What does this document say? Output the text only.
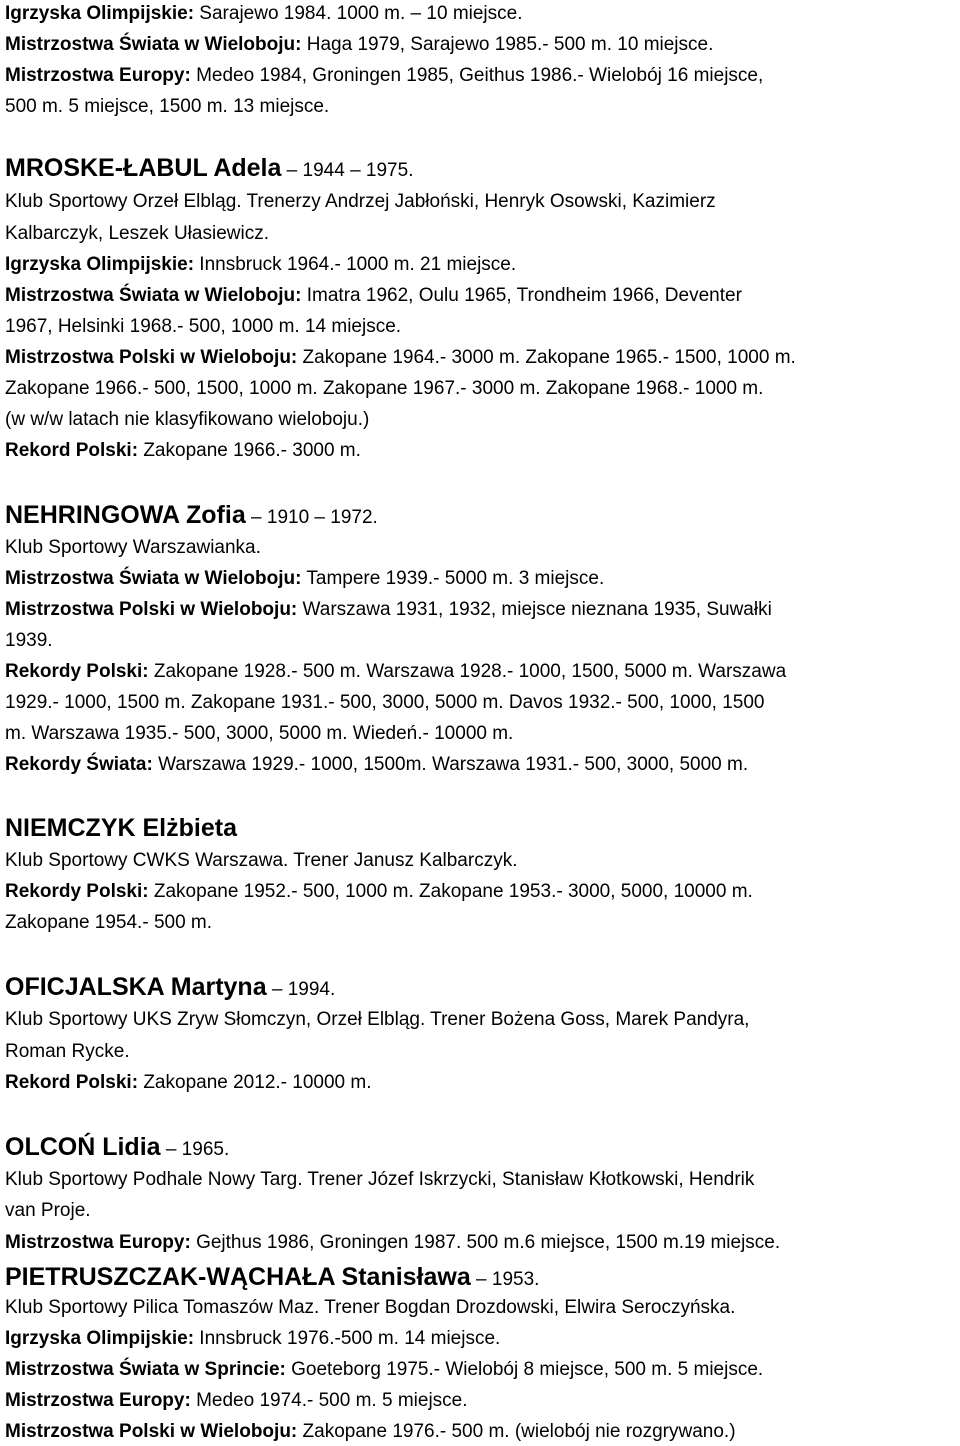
Igrzyska Olimpijskie: Sarajewo 1984. 1000 m. – 10 miejsce.
Mistrzostwa Świata w Wieloboju: Haga 1979, Sarajewo 1985.- 500 m. 10 miejsce.
Mistrzostwa Europy: Medeo 1984, Groningen 1985, Geithus 1986.- Wielobój 16 miejsce,
500 m. 5 miejsce, 1500 m. 13 miejsce.
MROSKE-ŁABUL Adela – 1944 – 1975.
Klub Sportowy Orzeł Elbląg. Trenerzy Andrzej Jabłoński, Henryk Osowski, Kazimierz
Kalbarczyk, Leszek Ułasiewicz.
Igrzyska Olimpijskie: Innsbruck 1964.- 1000 m. 21 miejsce.
Mistrzostwa Świata w Wieloboju: Imatra 1962, Oulu 1965, Trondheim 1966, Deventer
1967, Helsinki 1968.- 500, 1000 m. 14 miejsce.
Mistrzostwa Polski w Wieloboju: Zakopane 1964.- 3000 m. Zakopane 1965.- 1500, 1000 m.
Zakopane 1966.- 500, 1500, 1000 m. Zakopane 1967.- 3000 m. Zakopane 1968.- 1000 m.
(w w/w latach nie klasyfikowano wieloboju.)
Rekord Polski: Zakopane 1966.- 3000 m.
NEHRINGOWA Zofia – 1910 – 1972.
Klub Sportowy Warszawianka.
Mistrzostwa Świata w Wieloboju: Tampere 1939.- 5000 m. 3 miejsce.
Mistrzostwa Polski w Wieloboju: Warszawa 1931, 1932, miejsce nieznana 1935, Suwałki
1939.
Rekordy Polski: Zakopane 1928.- 500 m. Warszawa 1928.- 1000, 1500, 5000 m. Warszawa
1929.- 1000, 1500 m. Zakopane 1931.- 500, 3000, 5000 m. Davos 1932.- 500, 1000, 1500
m. Warszawa 1935.- 500, 3000, 5000 m. Wiedeń.- 10000 m.
Rekordy Świata: Warszawa 1929.- 1000, 1500m. Warszawa 1931.- 500, 3000, 5000 m.
NIEMCZYK Elżbieta
Klub Sportowy CWKS Warszawa. Trener Janusz Kalbarczyk.
Rekordy Polski: Zakopane 1952.- 500, 1000 m. Zakopane 1953.- 3000, 5000, 10000 m.
Zakopane 1954.- 500 m.
OFICJALSKA Martyna – 1994.
Klub Sportowy UKS Zryw Słomczyn, Orzeł Elbląg. Trener Bożena Goss, Marek Pandyra,
Roman Rycke.
Rekord Polski: Zakopane 2012.- 10000 m.
OLCOŃ Lidia – 1965.
Klub Sportowy Podhale Nowy Targ. Trener Józef Iskrzycki, Stanisław Kłotkowski, Hendrik
van Proje.
Mistrzostwa Europy: Gejthus 1986, Groningen 1987. 500 m.6 miejsce, 1500 m.19 miejsce.
PIETRUSZCZAK-WĄCHAŁA Stanisława – 1953.
Klub Sportowy Pilica Tomaszów Maz. Trener Bogdan Drozdowski, Elwira Seroczyńska.
Igrzyska Olimpijskie: Innsbruck 1976.-500 m. 14 miejsce.
Mistrzostwa Świata w Sprincie: Goeteborg 1975.- Wielobój 8 miejsce, 500 m. 5 miejsce.
Mistrzostwa Europy: Medeo 1974.- 500 m. 5 miejsce.
Mistrzostwa Polski w Wieloboju: Zakopane 1976.- 500 m. (wielobój nie rozgrywano.)
